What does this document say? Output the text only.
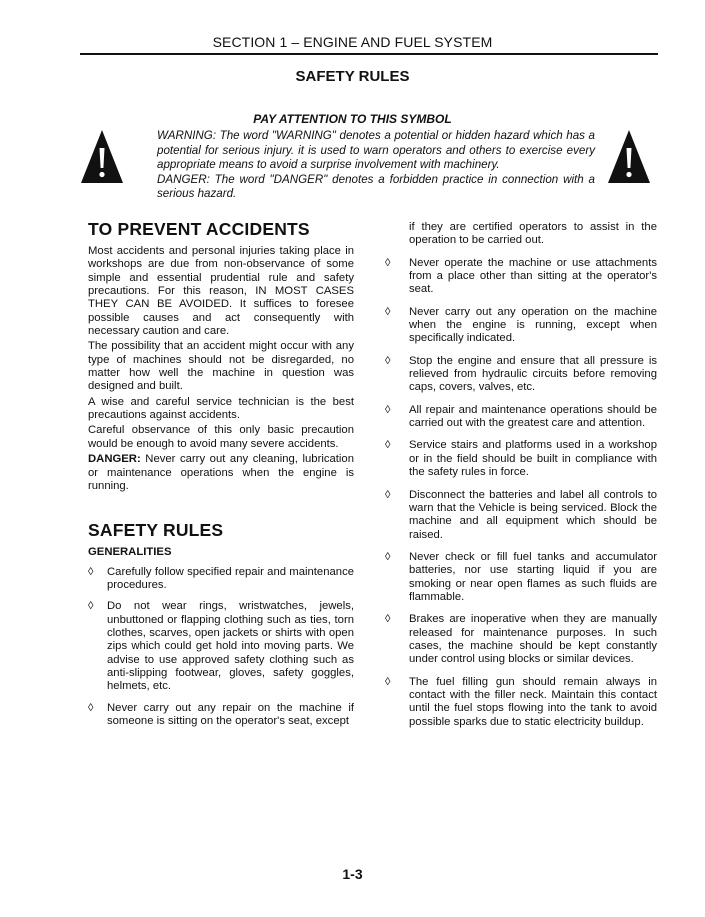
SECTION 1 – ENGINE AND FUEL SYSTEM
SAFETY RULES
PAY ATTENTION TO THIS SYMBOL

WARNING: The word "WARNING" denotes a potential or hidden hazard which has a potential for serious injury. it is used to warn operators and others to exercise every appropriate means to avoid a surprise involvement with machinery.

DANGER: The word "DANGER" denotes a forbidden practice in connection with a serious hazard.

TO PREVENT ACCIDENTS

Most accidents and personal injuries taking place in workshops are due from non-observance of some simple and essential prudential rule and safety precautions. For this reason, IN MOST CASES THEY CAN BE AVOIDED. It suffices to foresee possible causes and act consequently with necessary caution and care.

The possibility that an accident might occur with any type of machines should not be disregarded, no matter how well the machine in question was designed and built.

A wise and careful service technician is the best precautions against accidents.

Careful observance of this only basic precaution would be enough to avoid many severe accidents.

DANGER: Never carry out any cleaning, lubrication or maintenance operations when the engine is running.

SAFETY RULES
GENERALITIES
◊ Carefully follow specified repair and maintenance procedures.
◊ Do not wear rings, wristwatches, jewels, unbuttoned or flapping clothing such as ties, torn clothes, scarves, open jackets or shirts with open zips which could get hold into moving parts. We advise to use approved safety clothing such as anti-slipping footwear, gloves, safety goggles, helmets, etc.
◊ Never carry out any repair on the machine if someone is sitting on the operator's seat, except

if they are certified operators to assist in the operation to be carried out.

◊ Never operate the machine or use attachments from a place other than sitting at the operator's seat.
◊ Never carry out any operation on the machine when the engine is running, except when specifically indicated.
◊ Stop the engine and ensure that all pressure is relieved from hydraulic circuits before removing caps, covers, valves, etc.
◊ All repair and maintenance operations should be carried out with the greatest care and attention.
◊ Service stairs and platforms used in a workshop or in the field should be built in compliance with the safety rules in force.
◊ Disconnect the batteries and label all controls to warn that the Vehicle is being serviced. Block the machine and all equipment which should be raised.
◊ Never check or fill fuel tanks and accumulator batteries, nor use starting liquid if you are smoking or near open flames as such fluids are flammable.
◊ Brakes are inoperative when they are manually released for maintenance purposes. In such cases, the machine should be kept constantly under control using blocks or similar devices.
◊ The fuel filling gun should remain always in contact with the filler neck. Maintain this contact until the fuel stops flowing into the tank to avoid possible sparks due to static electricity buildup.
1-3
